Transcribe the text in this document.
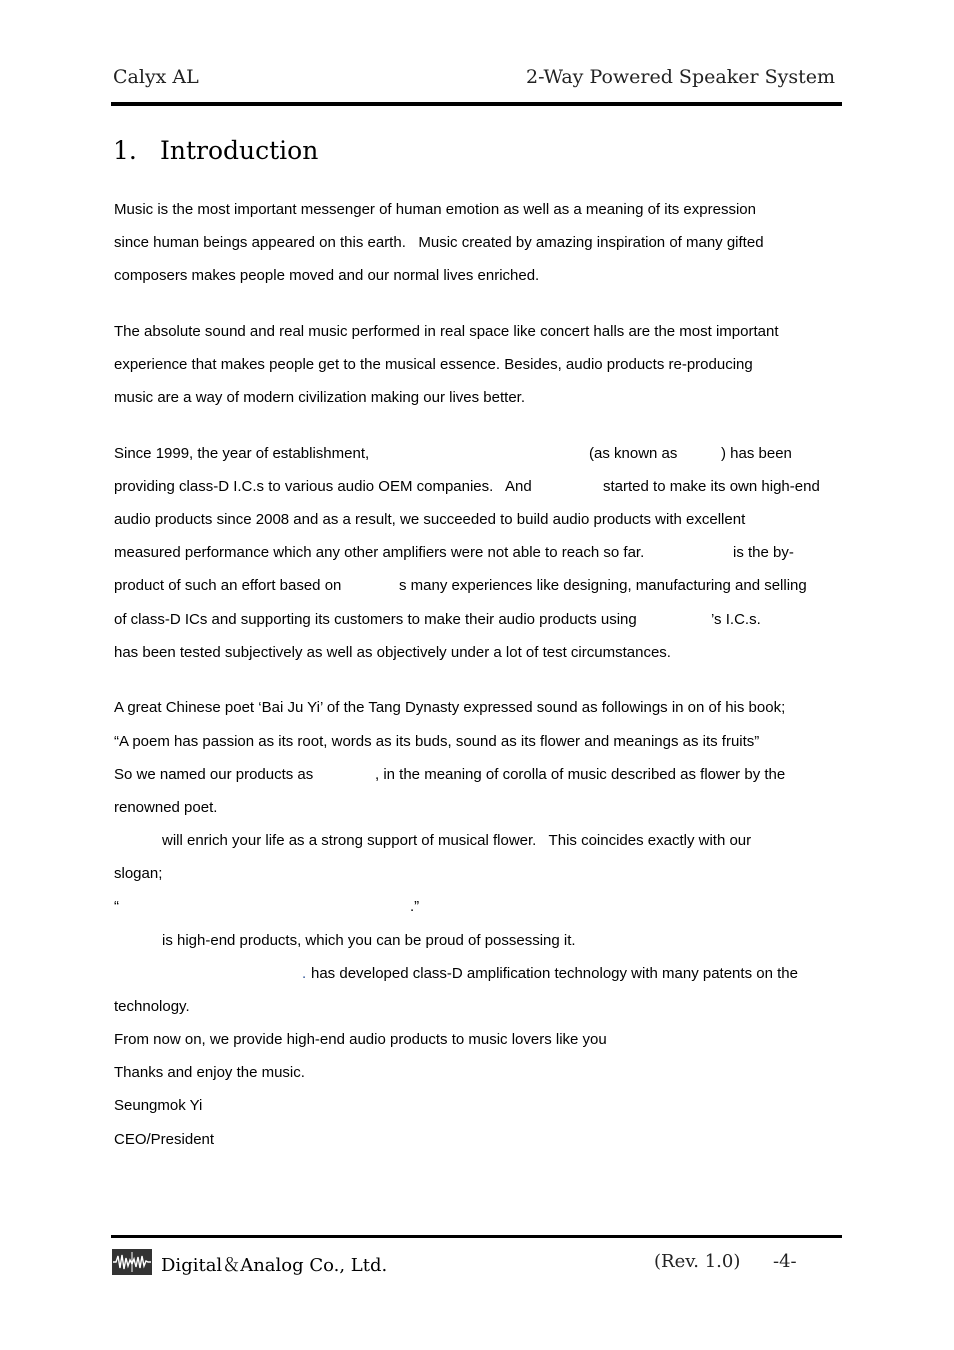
Calyx AL	2-Way Powered Speaker System
1. Introduction
Music is the most important messenger of human emotion as well as a meaning of its expression
since human beings appeared on this earth.   Music created by amazing inspiration of many gifted
composers makes people moved and our normal lives enriched.
The absolute sound and real music performed in real space like concert halls are the most important
experience that makes people get to the musical essence. Besides, audio products re-producing
music are a way of modern civilization making our lives better.
Since 1999, the year of establishment,	(as known as	) has been
providing class-D I.C.s to various audio OEM companies.   And	started to make its own high-end
audio products since 2008 and as a result, we succeeded to build audio products with excellent
measured performance which any other amplifiers were not able to reach so far.	is the by-
product of such an effort based on	s many experiences like designing, manufacturing and selling
of class-D ICs and supporting its customers to make their audio products using	’s I.C.s.
has been tested subjectively as well as objectively under a lot of test circumstances.
A great Chinese poet ‘Bai Ju Yi’ of the Tang Dynasty expressed sound as followings in on of his book;
“A poem has passion as its root, words as its buds, sound as its flower and meanings as its fruits”
So we named our products as	, in the meaning of corolla of music described as flower by the
renowned poet.
will enrich your life as a strong support of musical flower.   This coincides exactly with our
slogan;
“	.”
is high-end products, which you can be proud of possessing it.
. has developed class-D amplification technology with many patents on the
technology.
From now on, we provide high-end audio products to music lovers like you
Thanks and enjoy the music.
Seungmok Yi
CEO/President
Digital＆Analog Co., Ltd.	(Rev. 1.0) -4-
